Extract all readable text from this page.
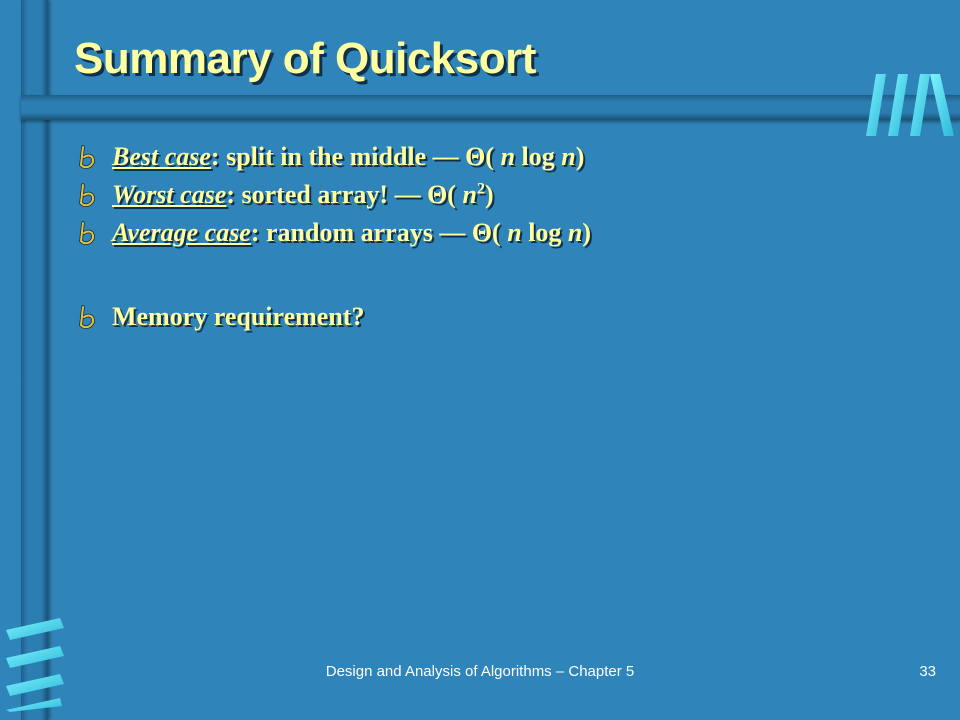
Summary of Quicksort
Best case: split in the middle — Θ( n log n)
Worst case: sorted array! — Θ( $n^2$)
Average case: random arrays — Θ( n log n)
Memory requirement?
Design and Analysis of Algorithms – Chapter 5	33
